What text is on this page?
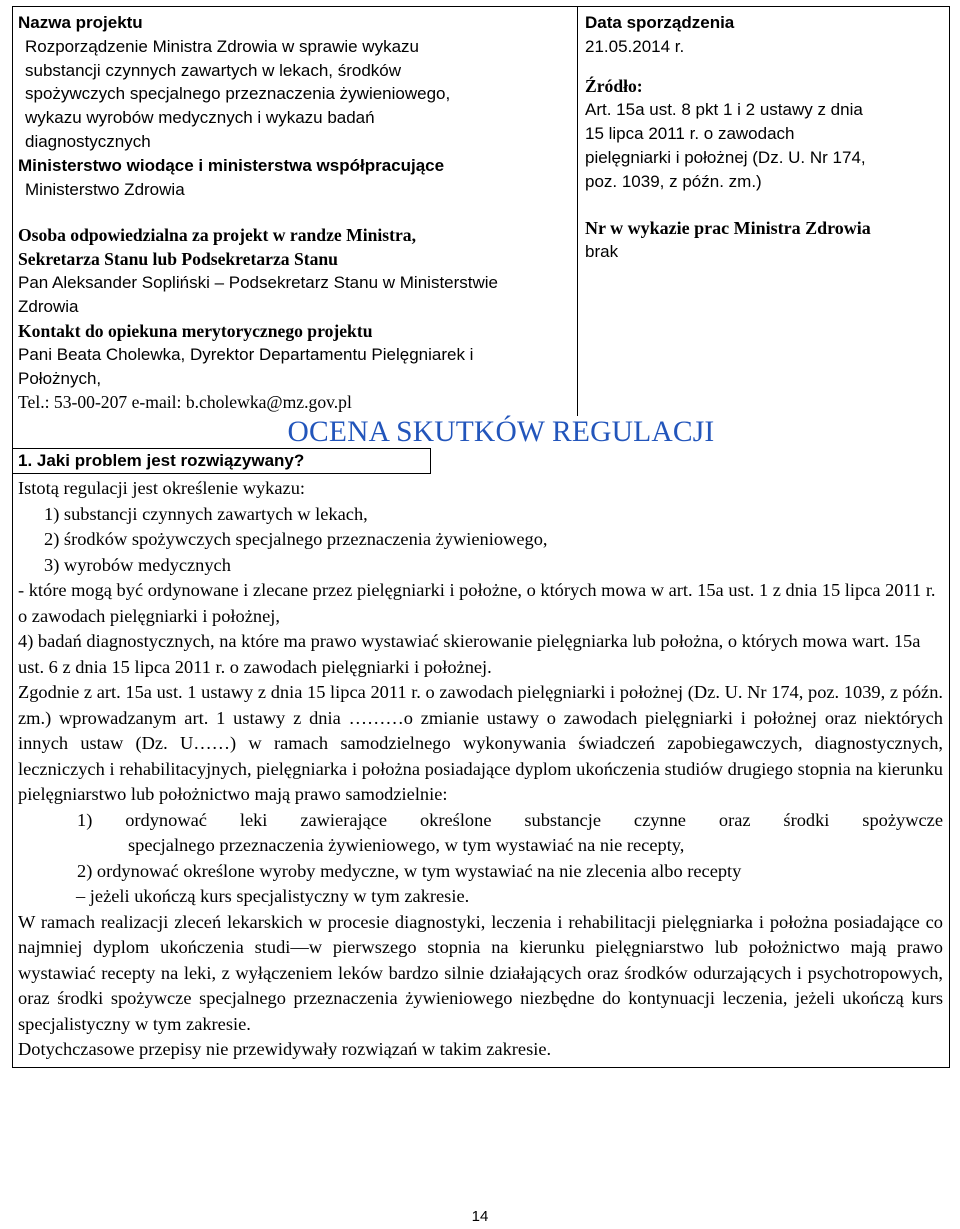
Nazwa projektu
Rozporządzenie Ministra Zdrowia w sprawie wykazu
substancji czynnych zawartych w lekach, środków
spożywczych specjalnego przeznaczenia żywieniowego,
wykazu wyrobów medycznych i wykazu badań
diagnostycznych
Ministerstwo wiodące i ministerstwa współpracujące
Ministerstwo Zdrowia
Osoba odpowiedzialna za projekt w randze Ministra,
Sekretarza Stanu lub Podsekretarza Stanu
Pan Aleksander Sopliński – Podsekretarz Stanu w Ministerstwie
Zdrowia
Kontakt do opiekuna merytorycznego projektu
Pani Beata Cholewka, Dyrektor Departamentu Pielęgniarek i
Położnych,
Tel.: 53-00-207 e-mail: b.cholewka@mz.gov.pl
Data sporządzenia
21.05.2014 r.
Źródło:
Art. 15a ust. 8 pkt 1 i 2 ustawy z dnia
15 lipca 2011 r. o zawodach
pielęgniarki i położnej (Dz. U. Nr 174,
poz. 1039, z późn. zm.)
Nr w wykazie prac Ministra Zdrowia
brak
OCENA SKUTKÓW REGULACJI
1. Jaki problem jest rozwiązywany?

Istotą regulacji jest określenie wykazu:

1) substancji czynnych zawartych w lekach,

2) środków spożywczych specjalnego przeznaczenia żywieniowego,

3) wyrobów medycznych

- które mogą być ordynowane i zlecane przez pielęgniarki i położne, o których mowa w art. 15a ust. 1 z dnia 15 lipca 2011 r. o zawodach pielęgniarki i położnej,

4) badań diagnostycznych, na które ma prawo wystawiać skierowanie pielęgniarka lub położna, o których mowa wart. 15a ust. 6 z dnia 15 lipca 2011 r. o zawodach pielęgniarki i położnej.

Zgodnie z art. 15a ust. 1 ustawy z dnia 15 lipca 2011 r. o zawodach pielęgniarki i położnej (Dz. U. Nr 174, poz. 1039, z późn. zm.) wprowadzanym art. 1 ustawy z dnia ………o zmianie ustawy o zawodach pielęgniarki i położnej oraz niektórych innych ustaw (Dz. U……) w ramach samodzielnego wykonywania świadczeń zapobiegawczych, diagnostycznych, leczniczych i rehabilitacyjnych, pielęgniarka i położna posiadające dyplom ukończenia studiów drugiego stopnia na kierunku pielęgniarstwo lub położnictwo mają prawo samodzielnie:

1) ordynować leki zawierające określone substancje czynne oraz środki spożywcze

specjalnego przeznaczenia żywieniowego, w tym wystawiać na nie recepty,

2) ordynować określone wyroby medyczne, w tym wystawiać na nie zlecenia albo recepty

– jeżeli ukończą kurs specjalistyczny w tym zakresie.

W ramach realizacji zleceń lekarskich w procesie diagnostyki, leczenia i rehabilitacji pielęgniarka i położna posiadające co najmniej dyplom ukończenia studi—w pierwszego stopnia na kierunku pielęgniarstwo lub położnictwo mają prawo wystawiać recepty na leki, z wyłączeniem leków bardzo silnie działających oraz środków odurzających i psychotropowych, oraz środki spożywcze specjalnego przeznaczenia żywieniowego niezbędne do kontynuacji leczenia, jeżeli ukończą kurs specjalistyczny w tym zakresie.

Dotychczasowe przepisy nie przewidywały rozwiązań w takim zakresie.

14
